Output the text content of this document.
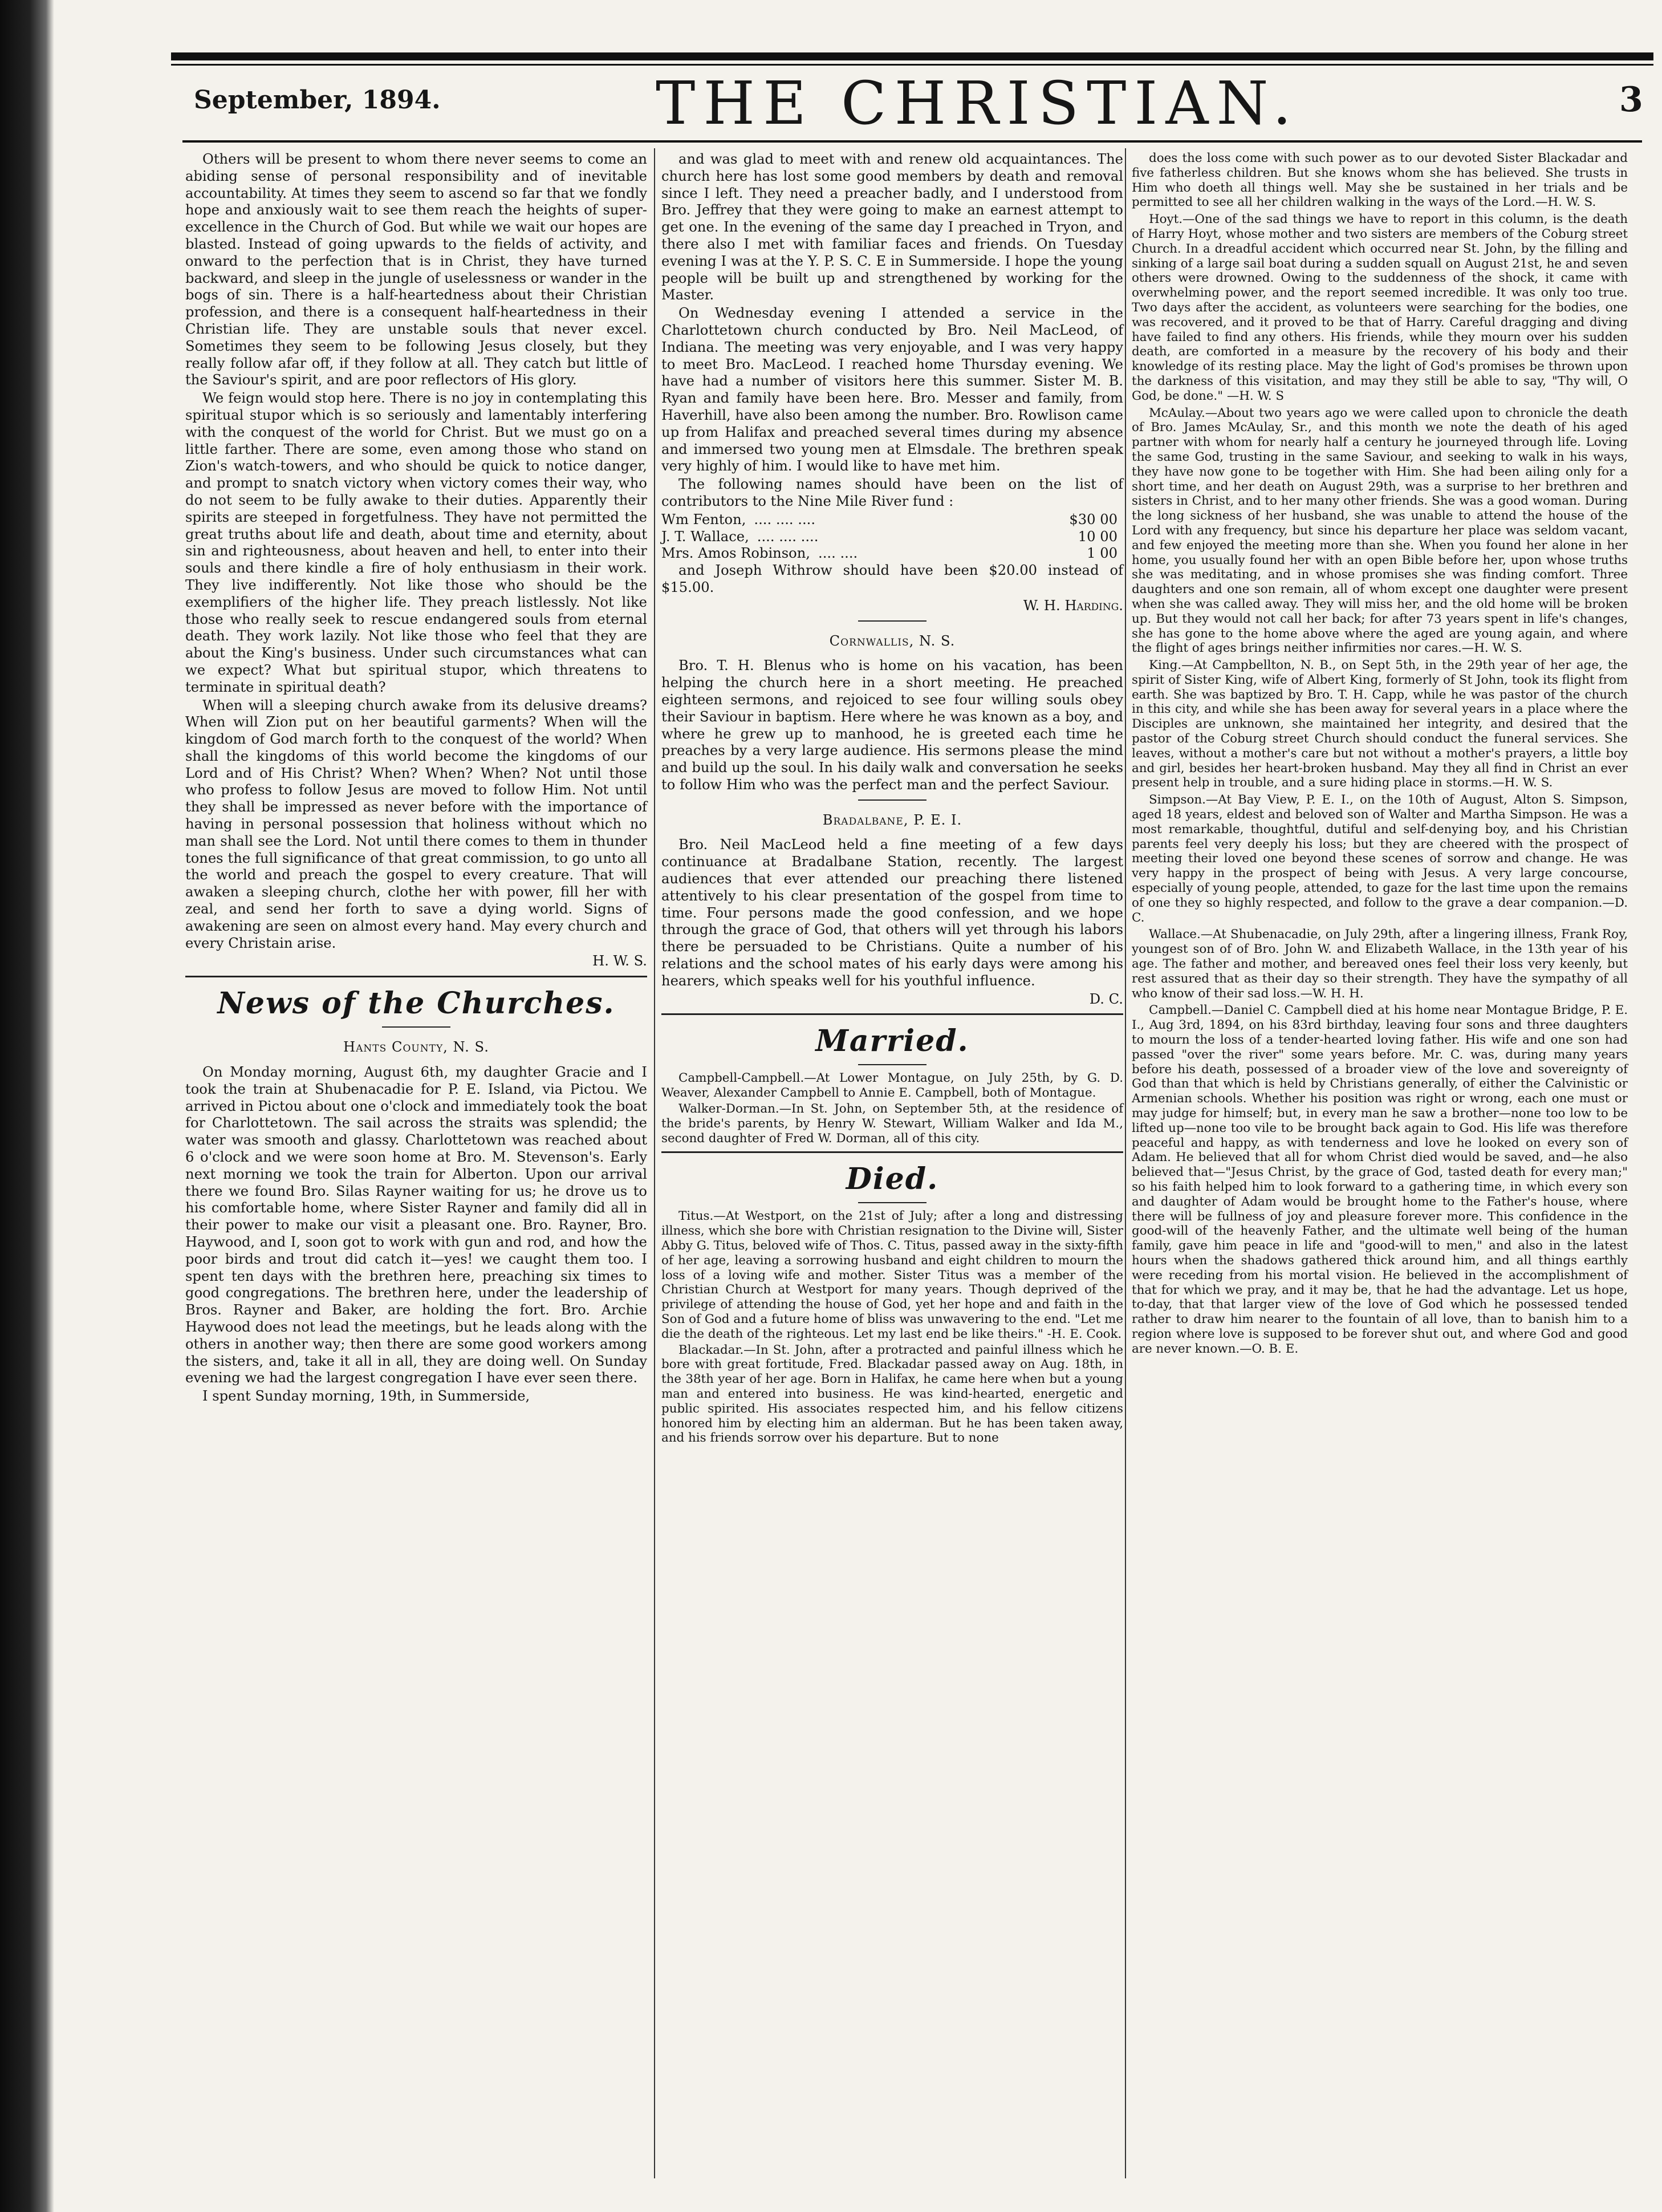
September, 1894.	THE CHRISTIAN.	3

Others will be present to whom there never seems to come an abiding sense of personal responsibility and of inevitable accountability. At times they seem to ascend so far that we fondly hope and anxiously wait to see them reach the heights of super-excellence in the Church of God. But while we wait our hopes are blasted. Instead of going upwards to the fields of activity, and onward to the perfection that is in Christ, they have turned backward, and sleep in the jungle of uselessness or wander in the bogs of sin. There is a half-heartedness about their Christian profession, and there is a consequent half-heartedness in their Christian life. They are unstable souls that never excel. Sometimes they seem to be following Jesus closely, but they really follow afar off, if they follow at all. They catch but little of the Saviour's spirit, and are poor reflectors of His glory.

We feign would stop here. There is no joy in contemplating this spiritual stupor which is so seriously and lamentably interfering with the conquest of the world for Christ. But we must go on a little farther. There are some, even among those who stand on Zion's watch-towers, and who should be quick to notice danger, and prompt to snatch victory when victory comes their way, who do not seem to be fully awake to their duties. Apparently their spirits are steeped in forgetfulness. They have not permitted the great truths about life and death, about time and eternity, about sin and righteousness, about heaven and hell, to enter into their souls and there kindle a fire of holy enthusiasm in their work. They live indifferently. Not like those who should be the exemplifiers of the higher life. They preach listlessly. Not like those who really seek to rescue endangered souls from eternal death. They work lazily. Not like those who feel that they are about the King's business. Under such circumstances what can we expect? What but spiritual stupor, which threatens to terminate in spiritual death?

When will a sleeping church awake from its delusive dreams? When will Zion put on her beautiful garments? When will the kingdom of God march forth to the conquest of the world? When shall the kingdoms of this world become the kingdoms of our Lord and of His Christ? When? When? When? Not until those who profess to follow Jesus are moved to follow Him. Not until they shall be impressed as never before with the importance of having in personal possession that holiness without which no man shall see the Lord. Not until there comes to them in thunder tones the full significance of that great commission, to go unto all the world and preach the gospel to every creature. That will awaken a sleeping church, clothe her with power, fill her with zeal, and send her forth to save a dying world. Signs of awakening are seen on almost every hand. May every church and every Christain arise.

H. W. S.
News of the Churches.
Hants County, N. S.

On Monday morning, August 6th, my daughter Gracie and I took the train at Shubenacadie for P. E. Island, via Pictou. We arrived in Pictou about one o'clock and immediately took the boat for Charlottetown. The sail across the straits was splendid; the water was smooth and glassy. Charlottetown was reached about 6 o'clock and we were soon home at Bro. M. Stevenson's. Early next morning we took the train for Alberton. Upon our arrival there we found Bro. Silas Rayner waiting for us; he drove us to his comfortable home, where Sister Rayner and family did all in their power to make our visit a pleasant one. Bro. Rayner, Bro. Haywood, and I, soon got to work with gun and rod, and how the poor birds and trout did catch it—yes! we caught them too. I spent ten days with the brethren here, preaching six times to good congregations. The brethren here, under the leadership of Bros. Rayner and Baker, are holding the fort. Bro. Archie Haywood does not lead the meetings, but he leads along with the others in another way; then there are some good workers among the sisters, and, take it all in all, they are doing well. On Sunday evening we had the largest congregation I have ever seen there.

I spent Sunday morning, 19th, in Summerside,

and was glad to meet with and renew old acquaintances. The church here has lost some good members by death and removal since I left. They need a preacher badly, and I understood from Bro. Jeffrey that they were going to make an earnest attempt to get one. In the evening of the same day I preached in Tryon, and there also I met with familiar faces and friends. On Tuesday evening I was at the Y. P. S. C. E in Summerside. I hope the young people will be built up and strengthened by working for the Master.

On Wednesday evening I attended a service in the Charlottetown church conducted by Bro. Neil MacLeod, of Indiana. The meeting was very enjoyable, and I was very happy to meet Bro. MacLeod. I reached home Thursday evening. We have had a number of visitors here this summer. Sister M. B. Ryan and family have been here. Bro. Messer and family, from Haverhill, have also been among the number. Bro. Rowlison came up from Halifax and preached several times during my absence and immersed two young men at Elmsdale. The brethren speak very highly of him. I would like to have met him.

The following names should have been on the list of contributors to the Nine Mile River fund :

Wm Fenton, .... .... ....	$30 00
J. T. Wallace, .... .... ....	10 00
Mrs. Amos Robinson, .... ....	1 00

and Joseph Withrow should have been $20.00 instead of $15.00.

W. H. Harding.
Cornwallis, N. S.

Bro. T. H. Blenus who is home on his vacation, has been helping the church here in a short meeting. He preached eighteen sermons, and rejoiced to see four willing souls obey their Saviour in baptism. Here where he was known as a boy, and where he grew up to manhood, he is greeted each time he preaches by a very large audience. His sermons please the mind and build up the soul. In his daily walk and conversation he seeks to follow Him who was the perfect man and the perfect Saviour.

Bradalbane, P. E. I.

Bro. Neil MacLeod held a fine meeting of a few days continuance at Bradalbane Station, recently. The largest audiences that ever attended our preaching there listened attentively to his clear presentation of the gospel from time to time. Four persons made the good confession, and we hope through the grace of God, that others will yet through his labors there be persuaded to be Christians. Quite a number of his relations and the school mates of his early days were among his hearers, which speaks well for his youthful influence.

D. C.
Married.

Campbell-Campbell.—At Lower Montague, on July 25th, by G. D. Weaver, Alexander Campbell to Annie E. Campbell, both of Montague.

Walker-Dorman.—In St. John, on September 5th, at the residence of the bride's parents, by Henry W. Stewart, William Walker and Ida M., second daughter of Fred W. Dorman, all of this city.

Died.

Titus.—At Westport, on the 21st of July; after a long and distressing illness, which she bore with Christian resignation to the Divine will, Sister Abby G. Titus, beloved wife of Thos. C. Titus, passed away in the sixty-fifth of her age, leaving a sorrowing husband and eight children to mourn the loss of a loving wife and mother. Sister Titus was a member of the Christian Church at Westport for many years. Though deprived of the privilege of attending the house of God, yet her hope and and faith in the Son of God and a future home of bliss was unwavering to the end. "Let me die the death of the righteous. Let my last end be like theirs." -H. E. Cook.

Blackadar.—In St. John, after a protracted and painful illness which he bore with great fortitude, Fred. Blackadar passed away on Aug. 18th, in the 38th year of her age. Born in Halifax, he came here when but a young man and entered into business. He was kind-hearted, energetic and public spirited. His associates respected him, and his fellow citizens honored him by electing him an alderman. But he has been taken away, and his friends sorrow over his departure. But to none

does the loss come with such power as to our devoted Sister Blackadar and five fatherless children. But she knows whom she has believed. She trusts in Him who doeth all things well. May she be sustained in her trials and be permitted to see all her children walking in the ways of the Lord.—H. W. S.

Hoyt.—One of the sad things we have to report in this column, is the death of Harry Hoyt, whose mother and two sisters are members of the Coburg street Church. In a dreadful accident which occurred near St. John, by the filling and sinking of a large sail boat during a sudden squall on August 21st, he and seven others were drowned. Owing to the suddenness of the shock, it came with overwhelming power, and the report seemed incredible. It was only too true. Two days after the accident, as volunteers were searching for the bodies, one was recovered, and it proved to be that of Harry. Careful dragging and diving have failed to find any others. His friends, while they mourn over his sudden death, are comforted in a measure by the recovery of his body and their knowledge of its resting place. May the light of God's promises be thrown upon the darkness of this visitation, and may they still be able to say, "Thy will, O God, be done." —H. W. S

McAulay.—About two years ago we were called upon to chronicle the death of Bro. James McAulay, Sr., and this month we note the death of his aged partner with whom for nearly half a century he journeyed through life. Loving the same God, trusting in the same Saviour, and seeking to walk in his ways, they have now gone to be together with Him. She had been ailing only for a short time, and her death on August 29th, was a surprise to her brethren and sisters in Christ, and to her many other friends. She was a good woman. During the long sickness of her husband, she was unable to attend the house of the Lord with any frequency, but since his departure her place was seldom vacant, and few enjoyed the meeting more than she. When you found her alone in her home, you usually found her with an open Bible before her, upon whose truths she was meditating, and in whose promises she was finding comfort. Three daughters and one son remain, all of whom except one daughter were present when she was called away. They will miss her, and the old home will be broken up. But they would not call her back; for after 73 years spent in life's changes, she has gone to the home above where the aged are young again, and where the flight of ages brings neither infirmities nor cares.—H. W. S.

King.—At Campbellton, N. B., on Sept 5th, in the 29th year of her age, the spirit of Sister King, wife of Albert King, formerly of St John, took its flight from earth. She was baptized by Bro. T. H. Capp, while he was pastor of the church in this city, and while she has been away for several years in a place where the Disciples are unknown, she maintained her integrity, and desired that the pastor of the Coburg street Church should conduct the funeral services. She leaves, without a mother's care but not without a mother's prayers, a little boy and girl, besides her heart-broken husband. May they all find in Christ an ever present help in trouble, and a sure hiding place in storms.—H. W. S.

Simpson.—At Bay View, P. E. I., on the 10th of August, Alton S. Simpson, aged 18 years, eldest and beloved son of Walter and Martha Simpson. He was a most remarkable, thoughtful, dutiful and self-denying boy, and his Christian parents feel very deeply his loss; but they are cheered with the prospect of meeting their loved one beyond these scenes of sorrow and change. He was very happy in the prospect of being with Jesus. A very large concourse, especially of young people, attended, to gaze for the last time upon the remains of one they so highly respected, and follow to the grave a dear companion.—D. C.

Wallace.—At Shubenacadie, on July 29th, after a lingering illness, Frank Roy, youngest son of of Bro. John W. and Elizabeth Wallace, in the 13th year of his age. The father and mother, and bereaved ones feel their loss very keenly, but rest assured that as their day so their strength. They have the sympathy of all who know of their sad loss.—W. H. H.

Campbell.—Daniel C. Campbell died at his home near Montague Bridge, P. E. I., Aug 3rd, 1894, on his 83rd birthday, leaving four sons and three daughters to mourn the loss of a tender-hearted loving father. His wife and one son had passed "over the river" some years before. Mr. C. was, during many years before his death, possessed of a broader view of the love and sovereignty of God than that which is held by Christians generally, of either the Calvinistic or Armenian schools. Whether his position was right or wrong, each one must or may judge for himself; but, in every man he saw a brother—none too low to be lifted up—none too vile to be brought back again to God. His life was therefore peaceful and happy, as with tenderness and love he looked on every son of Adam. He believed that all for whom Christ died would be saved, and—he also believed that—"Jesus Christ, by the grace of God, tasted death for every man;" so his faith helped him to look forward to a gathering time, in which every son and daughter of Adam would be brought home to the Father's house, where there will be fullness of joy and pleasure forever more. This confidence in the good-will of the heavenly Father, and the ultimate well being of the human family, gave him peace in life and "good-will to men," and also in the latest hours when the shadows gathered thick around him, and all things earthly were receding from his mortal vision. He believed in the accomplishment of that for which we pray, and it may be, that he had the advantage. Let us hope, to-day, that that larger view of the love of God which he possessed tended rather to draw him nearer to the fountain of all love, than to banish him to a region where love is supposed to be forever shut out, and where God and good are never known.—O. B. E.
